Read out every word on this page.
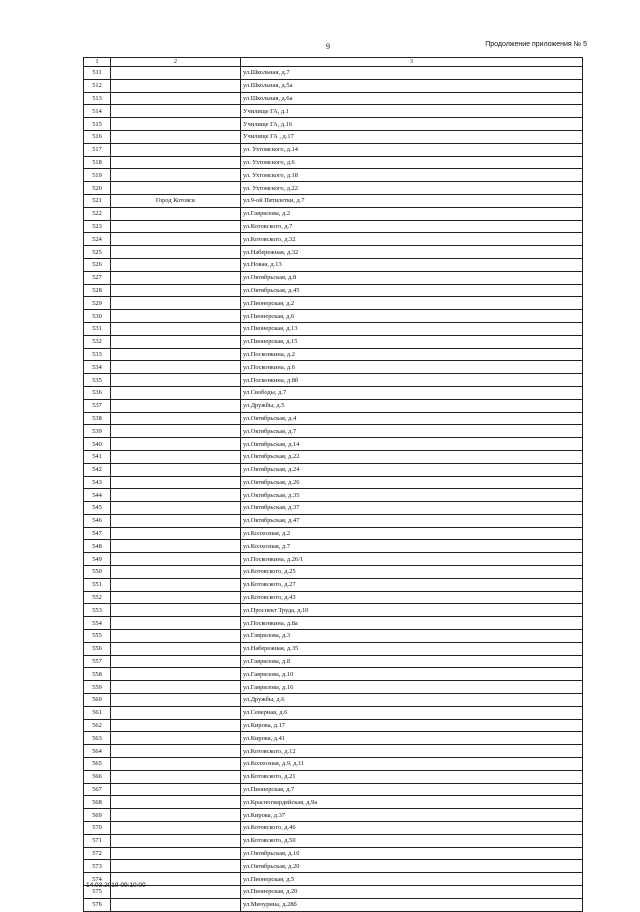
9	Продолжение приложения № 5
1	2	3
511		ул.Школьная, д.7
512		ул.Школьная, д.5а
513		ул.Школьная, д.6а
514		Училище ГА, д.1
515		Училище ГА, д.16
516		Училище ГА , д.17
517		ул. Ухтомского, д.14
518		ул. Ухтомского, д.6
519		ул. Ухтомского, д.18
520		ул. Ухтомского, д.22
521	Город Котовск	ул.9-ой Пятилетки, д.7
522		ул.Гаврилова, д.2
523		ул.Котовского, д.7
524		ул.Котовского, д.32
525		ул.Набережная, д.32
526		ул.Новая, д.13
527		ул.Октябрьская, д.8
528		ул.Октябрьская, д.45
529		ул.Пионерская, д.2
530		ул.Пионерская, д.6
531		ул.Пионерская, д.13
532		ул.Пионерская, д.15
533		ул.Посконкина, д.2
534		ул.Посконкина, д.6
535		ул.Посконкина, д.8б
536		ул.Свободы, д.7
537		ул.Дружбы, д.5
538		ул.Октябрьская, д.4
539		ул.Октябрьская, д.7
540		ул.Октябрьская, д.14
541		ул.Октябрьская, д.22
542		ул.Октябрьская, д.24
543		ул.Октябрьская, д.26
544		ул.Октябрьская, д.35
545		ул.Октябрьская, д.37
546		ул.Октябрьская, д.47
547		ул.Колхозная, д.2
548		ул.Колхозная, д.7
549		ул.Посконкина, д.26/1
550		ул.Котовского, д.25
551		ул.Котовского, д.27
552		ул.Котовского, д.43
553		ул.Проспект Труда, д.10
554		ул.Посконкина, д.8а
555		ул.Гаврилова, д.3
556		ул.Набережная, д.35
557		ул.Гаврилова, д.8
558		ул.Гаврилова, д.10
559		ул.Гаврилова, д.16
560		ул.Дружбы, д.6
561		ул.Северная, д.6
562		ул.Кирова, д.17
563		ул.Кирова, д.41
564		ул.Котовского, д.12
565		ул.Колхозная, д.9, д.11
566		ул.Котовского, д.21
567		ул.Пионерская, д.7
568		ул.Красногвардейская, д.9а
569		ул.Кирова, д.37
570		ул.Котовского, д.46
571		ул.Котовского, д.50
572		ул.Октябрьская, д.10
573		ул.Октябрьская, д.20
574		ул.Пионерская, д.5
575		ул.Пионерская, д.20
576		ул.Мичурина, д.28б
14.03.2019 09:10:00
